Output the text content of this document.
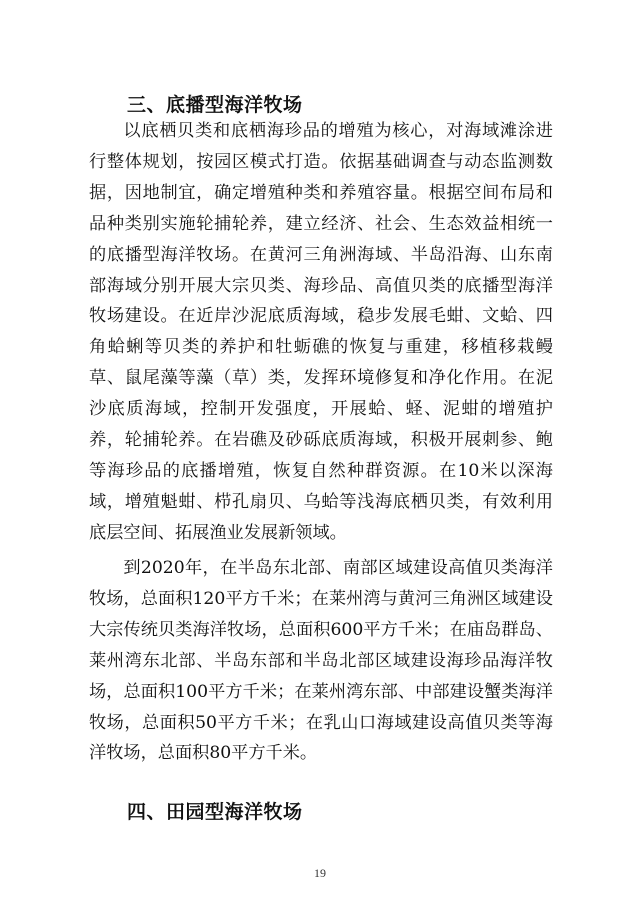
三、底播型海洋牧场

以底栖贝类和底栖海珍品的增殖为核心，对海域滩涂进行整体规划，按园区模式打造。依据基础调查与动态监测数据，因地制宜，确定增殖种类和养殖容量。根据空间布局和品种类别实施轮捕轮养，建立经济、社会、生态效益相统一的底播型海洋牧场。在黄河三角洲海域、半岛沿海、山东南部海域分别开展大宗贝类、海珍品、高值贝类的底播型海洋牧场建设。在近岸沙泥底质海域，稳步发展毛蚶、文蛤、四角蛤蜊等贝类的养护和牡蛎礁的恢复与重建，移植移栽鳗草、鼠尾藻等藻（草）类，发挥环境修复和净化作用。在泥沙底质海域，控制开发强度，开展蛤、蛏、泥蚶的增殖护养，轮捕轮养。在岩礁及砂砾底质海域，积极开展刺参、鲍等海珍品的底播增殖，恢复自然种群资源。在10米以深海域，增殖魁蚶、栉孔扇贝、乌蛤等浅海底栖贝类，有效利用底层空间、拓展渔业发展新领域。

到2020年，在半岛东北部、南部区域建设高值贝类海洋牧场，总面积120平方千米；在莱州湾与黄河三角洲区域建设大宗传统贝类海洋牧场，总面积600平方千米；在庙岛群岛、莱州湾东北部、半岛东部和半岛北部区域建设海珍品海洋牧场，总面积100平方千米；在莱州湾东部、中部建设蟹类海洋牧场，总面积50平方千米；在乳山口海域建设高值贝类等海洋牧场，总面积80平方千米。

四、田园型海洋牧场
19
